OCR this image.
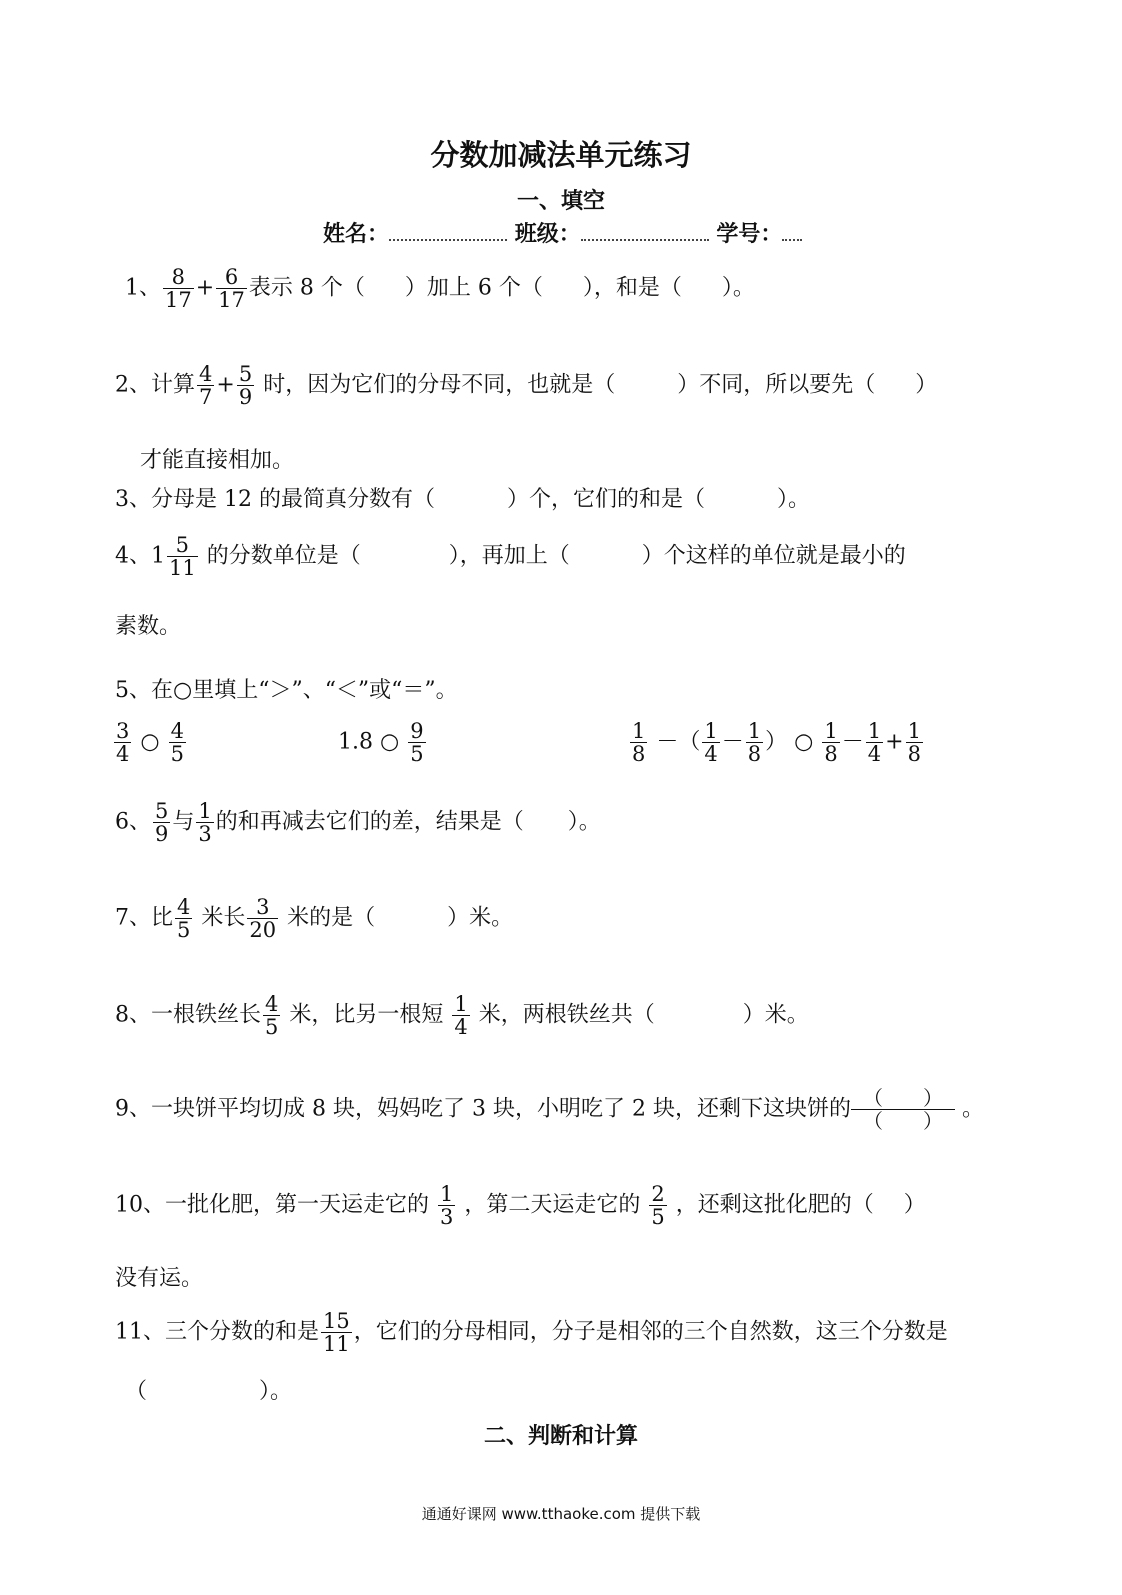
分数加减法单元练习
一、填空
姓名：	班级：	学号：
1、 $\frac{8}{17} + \frac{6}{17}$ 表示 8 个（ ）加上 6 个（ ），和是（ ）。
2、计算 $\frac{4}{7} + \frac{5}{9}$ 时，因为它们的分母不同，也就是（	）不同，所以要先（ ）
才能直接相加。
3、分母是 12 的最简真分数有（	）个，它们的和是（	）。
4、$1 \frac{5}{11}$ 的分数单位是（	），再加上（	）个这样的单位就是最小的
素数。
5、在○里填上“＞”、“＜”或“＝”。
$\frac{3}{4}$ ○ $\frac{4}{5}$	1.8 ○ $\frac{9}{5}$	$\frac{1}{8}$ －（ $\frac{1}{4} - \frac{1}{8}$ ） ○ $\frac{1}{8} - \frac{1}{4} + \frac{1}{8}$
6、 $\frac{5}{9}$ 与 $\frac{1}{3}$ 的和再减去它们的差，结果是（ ）。
7、比 $\frac{4}{5}$ 米长 $\frac{3}{20}$ 米的是（	）米。
8、一根铁丝长 $\frac{4}{5}$ 米，比另一根短 $\frac{1}{4}$ 米，两根铁丝共（	）米。
9、一块饼平均切成 8 块，妈妈吃了 3 块，小明吃了 2 块，还剩下这块饼的 （　　）
（　　） 。
10、一批化肥，第一天运走它的 $\frac{1}{3}$ ，第二天运走它的 $\frac{2}{5}$ ，还剩这批化肥的（ ）
没有运。
11、三个分数的和是 $\frac{15}{11}$ ，它们的分母相同，分子是相邻的三个自然数，这三个分数是
（	）。
二、判断和计算
通通好课网 www.tthaoke.com 提供下载
